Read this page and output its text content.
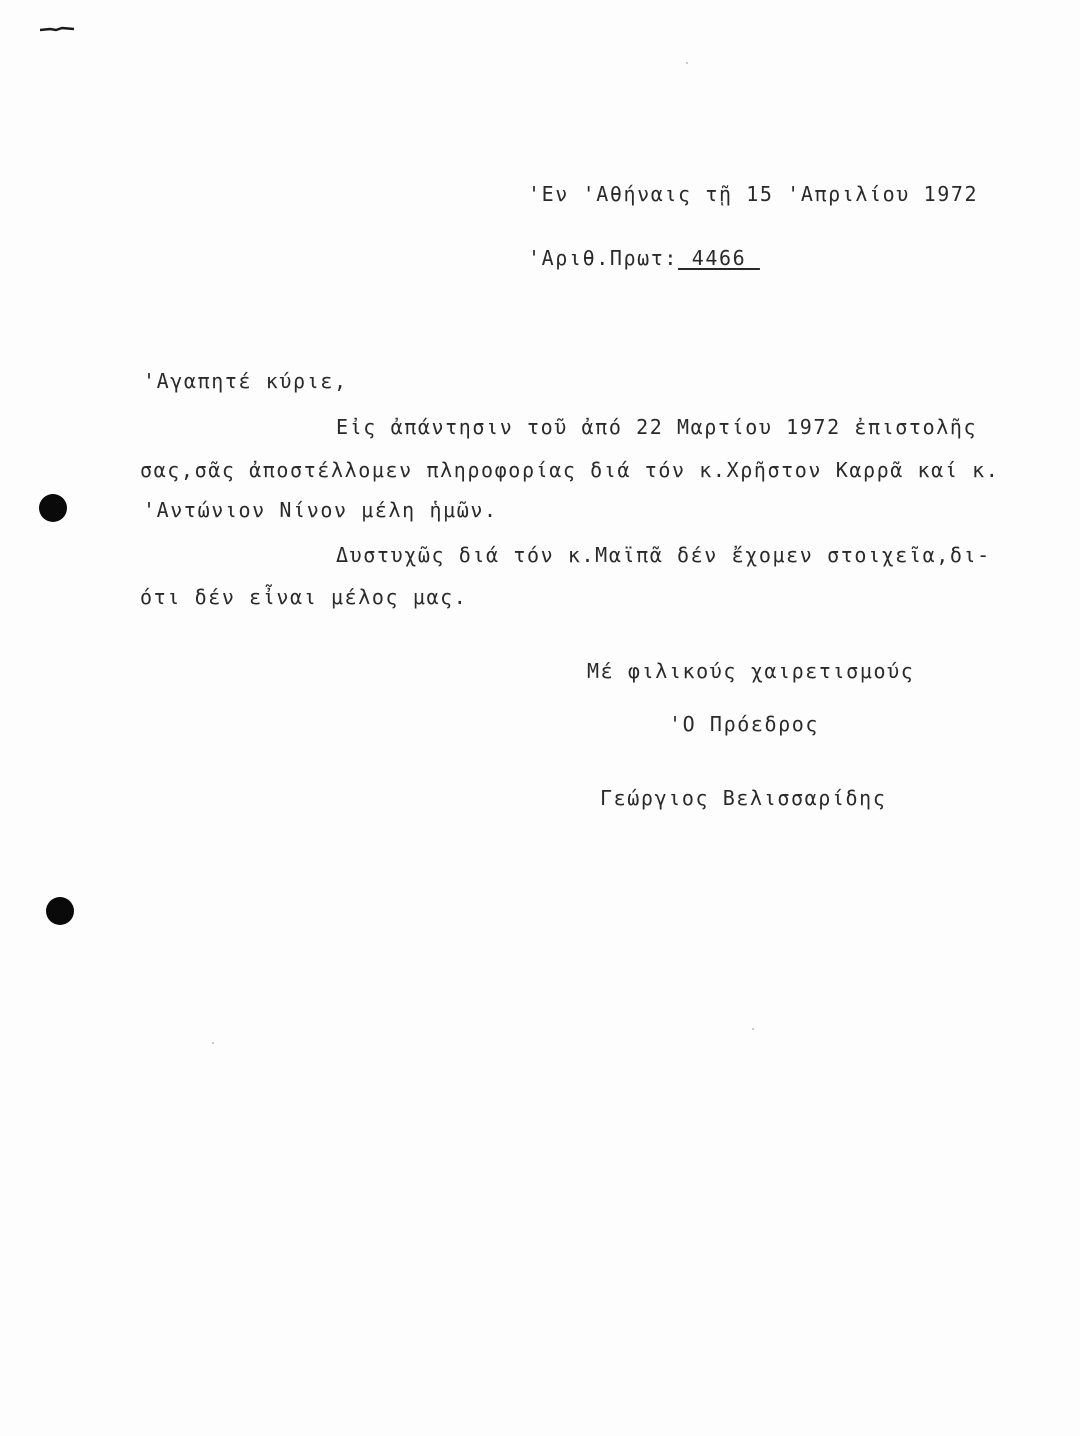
'Εν 'Αθήναις τῇ 15 'Απριλίου 1972
'Αριθ.Πρωτ:_4466_
'Αγαπητέ κύριε,
Εἰς ἀπάντησιν τοῦ ἀπό 22 Μαρτίου 1972 ἐπιστολῆς
σας,σᾶς ἀποστέλλομεν πληροφορίας διά τόν κ.Χρῆστον Καρρᾶ καί κ.
'Αντώνιον Νίνον μέλη ἡμῶν.
Δυστυχῶς διά τόν κ.Μαϊπᾶ δέν ἔχομεν στοιχεῖα,δι-
ότι δέν εἶναι μέλος μας.
Μέ φιλικούς χαιρετισμούς
'Ο Πρόεδρος
Γεώργιος Βελισσαρίδης
